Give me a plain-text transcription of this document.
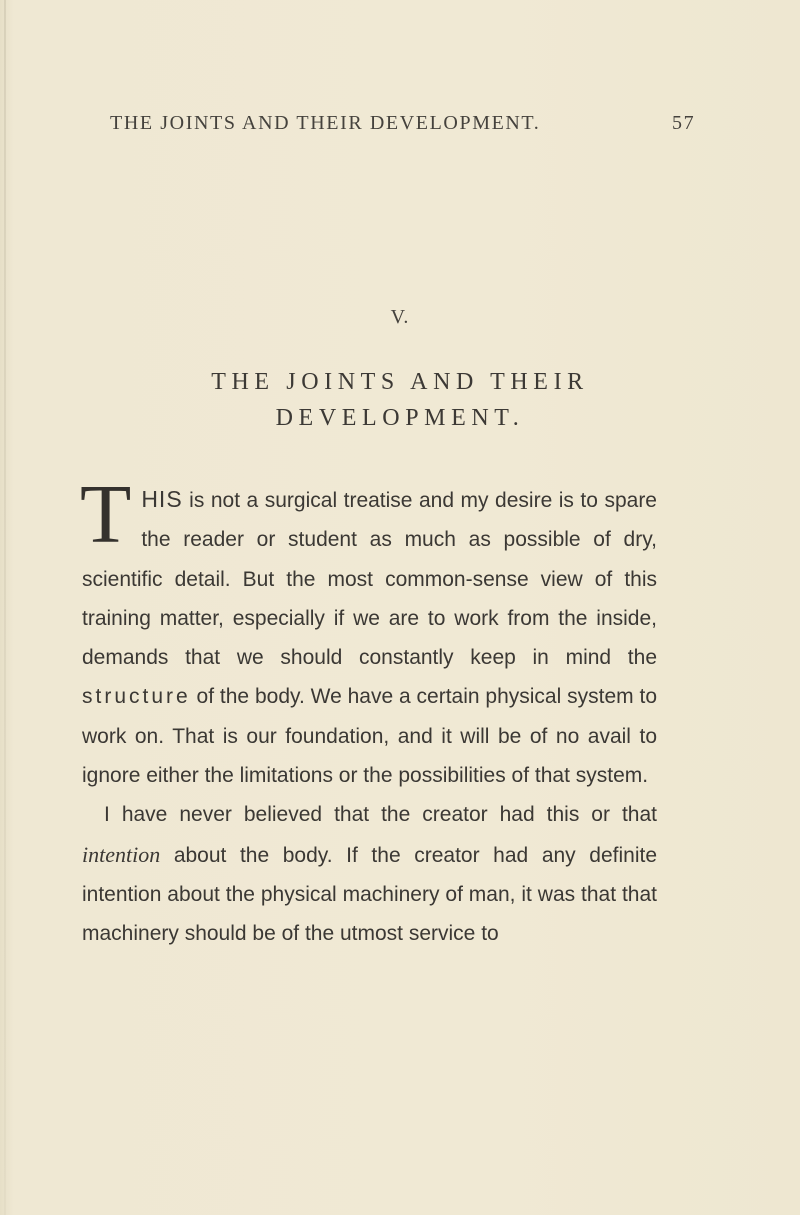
THE JOINTS AND THEIR DEVELOPMENT.	57
V.
THE JOINTS AND THEIR
DEVELOPMENT.

THIS is not a surgical treatise and my desire is to spare the reader or student as much as possible of dry, scientific detail. But the most common-sense view of this training matter, especially if we are to work from the inside, demands that we should constantly keep in mind the structure of the body. We have a certain physical system to work on. That is our foundation, and it will be of no avail to ignore either the limitations or the possibilities of that system.

I have never believed that the creator had this or that intention about the body. If the creator had any definite intention about the physical machinery of man, it was that that machinery should be of the utmost service to
